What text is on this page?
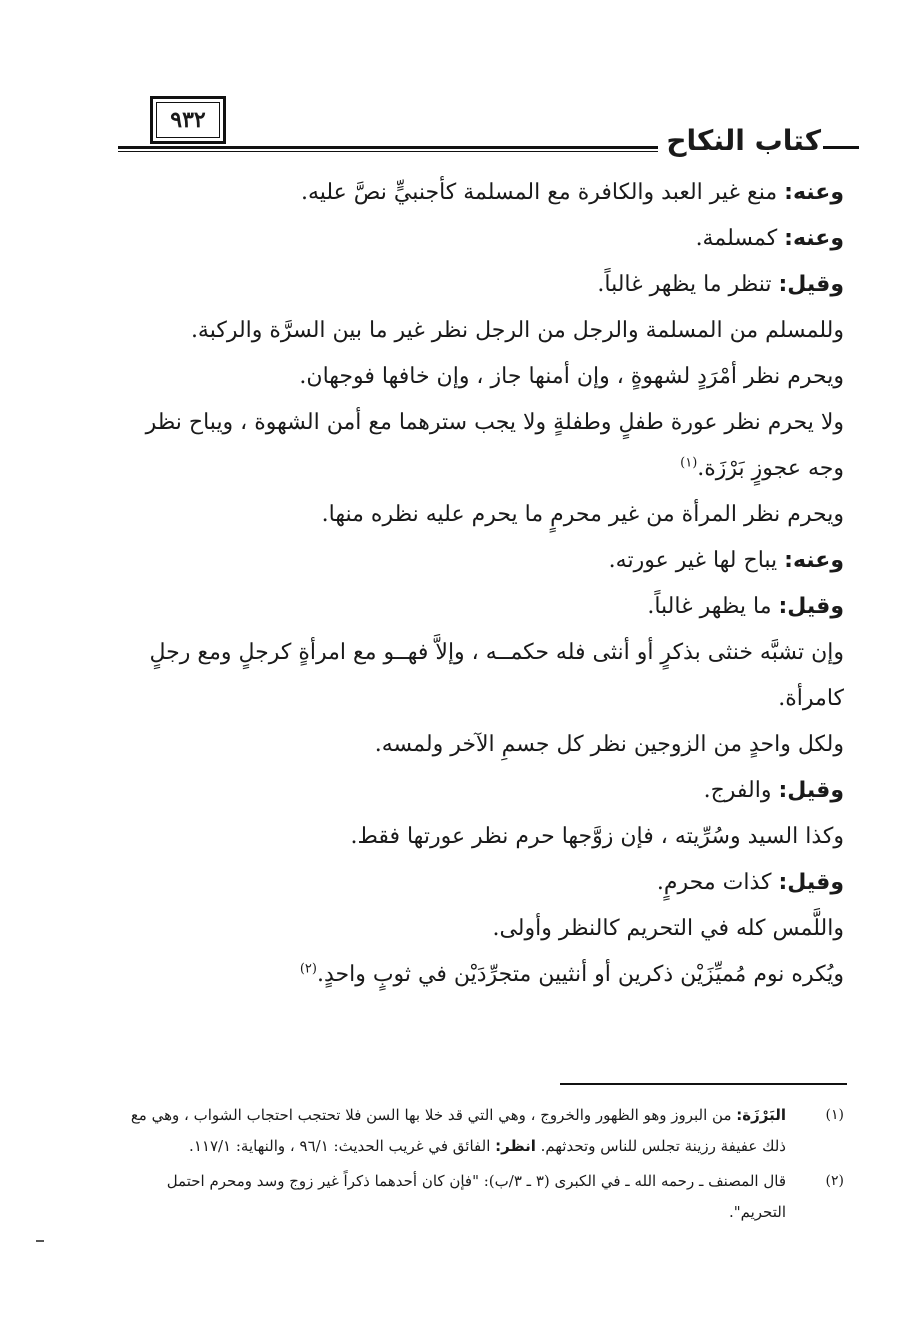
٩٣٢
كتاب النكاح

وعنه: منع غير العبد والكافرة مع المسلمة كأجنبيٍّ نصَّ عليه.

وعنه: كمسلمة.

وقيل: تنظر ما يظهر غالباً.

وللمسلم من المسلمة والرجل من الرجل نظر غير ما بين السرَّة والركبة.

ويحرم نظر أمْرَدٍ لشهوةٍ ، وإن أمنها جاز ، وإن خافها فوجهان.

ولا يحرم نظر عورة طفلٍ وطفلةٍ ولا يجب سترهما مع أمن الشهوة ، ويباح نظر وجه عجوزٍ بَرْزَة.$^{(١)}$

ويحرم نظر المرأة من غير محرمٍ ما يحرم عليه نظره منها.

وعنه: يباح لها غير عورته.

وقيل: ما يظهر غالباً.

وإن تشبَّه خنثى بذكرٍ أو أنثى فله حكمــه ، وإلاَّ فهــو مع امرأةٍ كرجلٍ ومع رجلٍ كامرأة.

ولكل واحدٍ من الزوجين نظر كل جسمِ الآخر ولمسه.

وقيل: والفرج.

وكذا السيد وسُرِّيته ، فإن زوَّجها حرم نظر عورتها فقط.

وقيل: كذات محرمٍ.

واللَّمس كله في التحريم كالنظر وأولى.

ويُكره نوم مُميِّزَيْن ذكرين أو أنثيين متجرِّدَيْن في ثوبٍ واحدٍ.$^{(٢)}$

(١)
البَرْزَة: من البروز وهو الظهور والخروج ، وهي التي قد خلا بها السن فلا تحتجب احتجاب الشواب ، وهي مع ذلك عفيفة رزينة تجلس للناس وتحدثهم. انظر: الفائق في غريب الحديث: ٩٦/١ ، والنهاية: ١١٧/١.

(٢)
قال المصنف ـ رحمه الله ـ في الكبرى (٣ ـ ٣/ب): "فإن كان أحدهما ذكراً غير زوج وسد ومحرم احتمل التحريم".
